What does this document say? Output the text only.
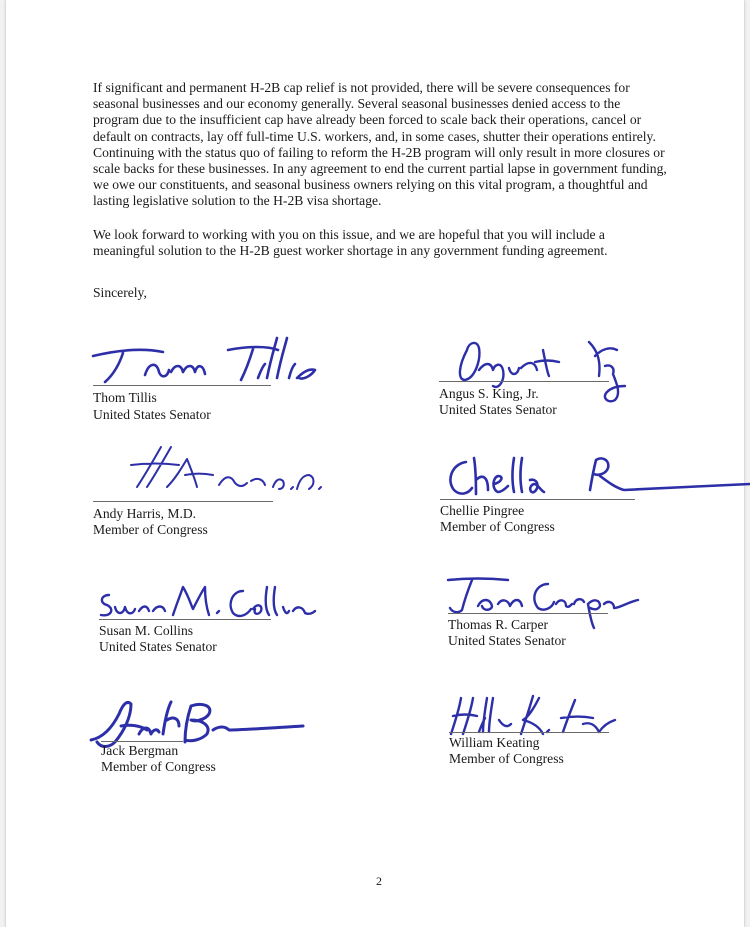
If significant and permanent H-2B cap relief is not provided, there will be severe consequences for seasonal businesses and our economy generally. Several seasonal businesses denied access to the program due to the insufficient cap have already been forced to scale back their operations, cancel or default on contracts, lay off full-time U.S. workers, and, in some cases, shutter their operations entirely. Continuing with the status quo of failing to reform the H-2B program will only result in more closures or scale backs for these businesses. In any agreement to end the current partial lapse in government funding, we owe our constituents, and seasonal business owners relying on this vital program, a thoughtful and lasting legislative solution to the H-2B visa shortage.

We look forward to working with you on this issue, and we are hopeful that you will include a meaningful solution to the H-2B guest worker shortage in any government funding agreement.

Sincerely,

Thom Tillis
United States Senator
Angus S. King, Jr.
United States Senator
Andy Harris, M.D.
Member of Congress
Chellie Pingree
Member of Congress
Susan M. Collins
United States Senator
Thomas R. Carper
United States Senator
Jack Bergman
Member of Congress
William Keating
Member of Congress
2
